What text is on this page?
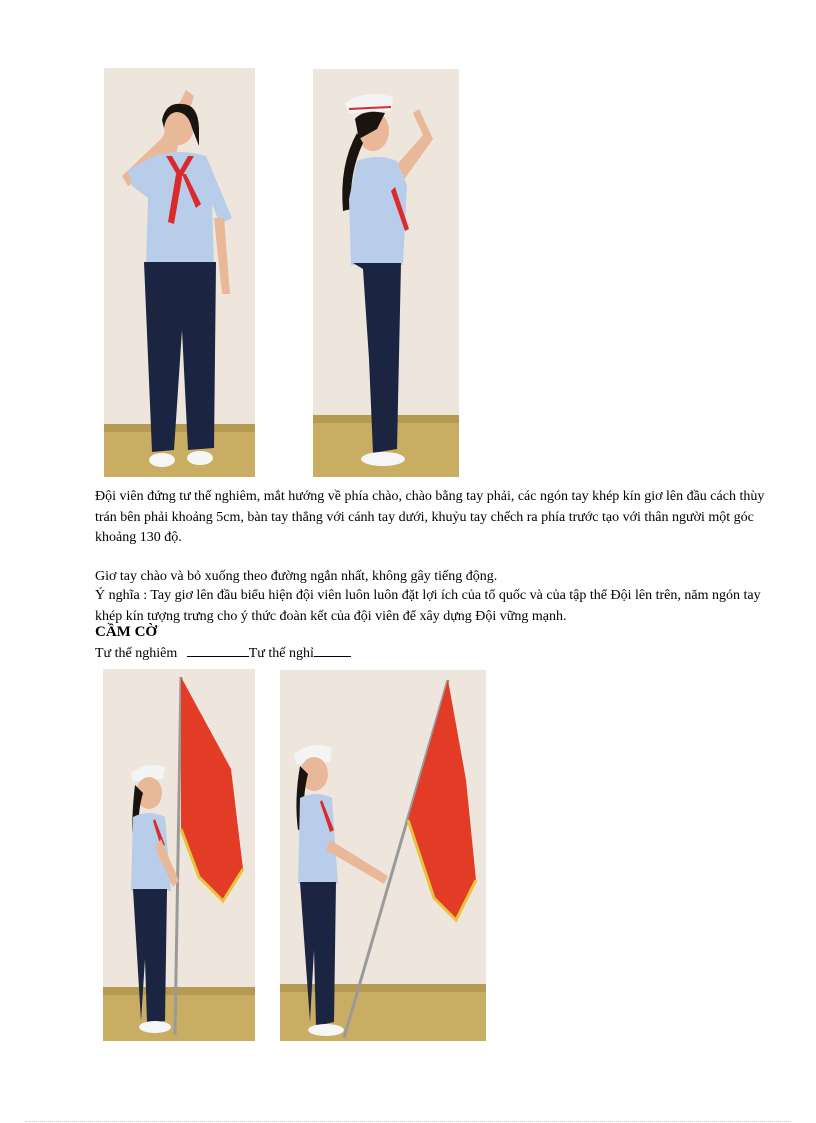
Đội viên đứng tư thế nghiêm, mắt hướng về phía chào, chào bằng tay phải, các ngón tay khép kín giơ lên đầu cách thùy trán bên phải khoảng 5cm, bàn tay thẳng với cánh tay dưới, khuỷu tay chếch ra phía trước tạo với thân người một góc khoảng 130 độ.

Giơ tay chào và bỏ xuống theo đường ngắn nhất, không gây tiếng động.

Ý nghĩa : Tay giơ lên đầu biểu hiện đội viên luôn luôn đặt lợi ích của tổ quốc và của tập thể Đội lên trên, năm ngón tay khép kín tượng trưng cho ý thức đoàn kết của đội viên để xây dựng Đội vững mạnh.

CẦM CỜ

Tư thế nghiêm	Tư thế nghỉ
